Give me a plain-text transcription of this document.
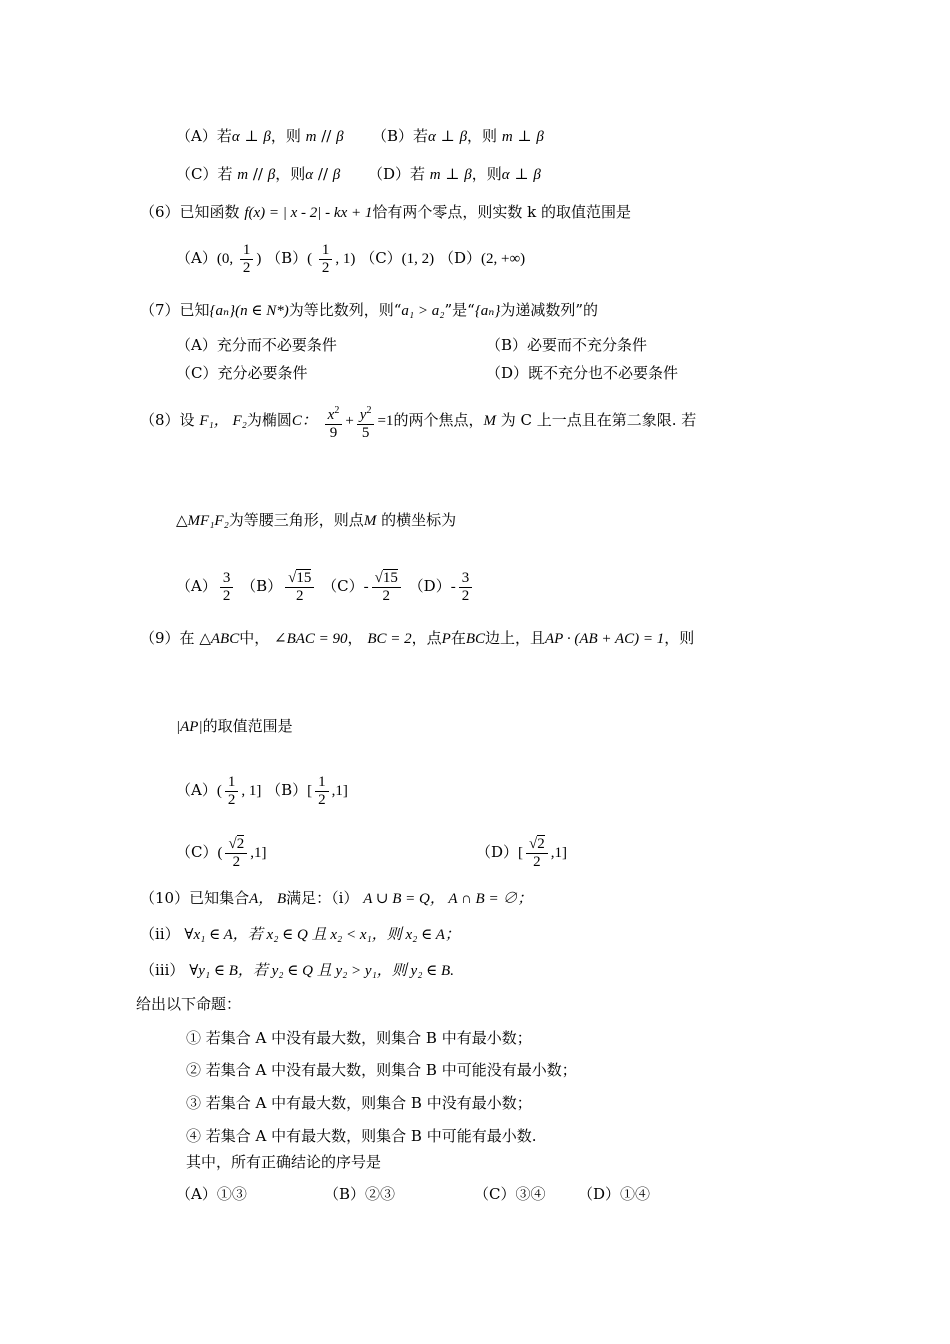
（A）若α ⊥ β，则 m // β （B）若α ⊥ β，则 m ⊥ β
（C）若 m // β，则α // β （D）若 m ⊥ β，则α ⊥ β
（6）已知函数 f(x) = | x - 2| - kx + 1恰有两个零点，则实数 k 的取值范围是
（A）(0, $\frac{1}{2}$ ) $(B)( \frac{1}{2}$ , 1) （C）(1, 2) （D）(2, +∞)
（7）已知{aₙ}(n ∈ N*)为等比数列，则“a₁ > a₂”是“{aₙ}为递减数列”的
（A）充分而不必要条件	（B）必要而不充分条件
（C）充分必要条件	（D）既不充分也不必要条件
（8）设 F₁， F₂为椭圆C： $\frac{x^2}{9} + \frac{y^2}{5} =1$的两个焦点，M 为 C 上一点且在第二象限. 若
△MF₁F₂为等腰三角形，则点M 的横坐标为
$(A) \frac{3}{2} (B) \frac{√15}{2} (C)- \frac{√15}{2} (D)- \frac{3}{2}$
（9）在 △ABC中， ∠BAC = 90， BC = 2，点P在BC边上，且AP · (AB + AC) = 1，则
|AP|的取值范围是
$(A)( \frac{1}{2}$ , 1] $(B)[ \frac{1}{2} ,1]$
$(C)( \frac{√2}{2} ,1]$	$(D)[ \frac{√2}{2} ,1]$
（10）已知集合A， B满足：（ⅰ） A ∪ B = Q， A ∩ B = ∅；
（ⅱ） ∀x₁ ∈ A，若 x₂ ∈ Q 且 x₂ < x₁，则 x₂ ∈ A；
（ⅲ） ∀y₁ ∈ B，若 y₂ ∈ Q 且 y₂ > y₁，则 y₂ ∈ B.
给出以下命题：
① 若集合 A 中没有最大数，则集合 B 中有最小数；
② 若集合 A 中没有最大数，则集合 B 中可能没有最小数；
③ 若集合 A 中有最大数，则集合 B 中没有最小数；
④ 若集合 A 中有最大数，则集合 B 中可能有最小数.
其中，所有正确结论的序号是
（A）①③	（B）②③	（C）③④ （D）①④
